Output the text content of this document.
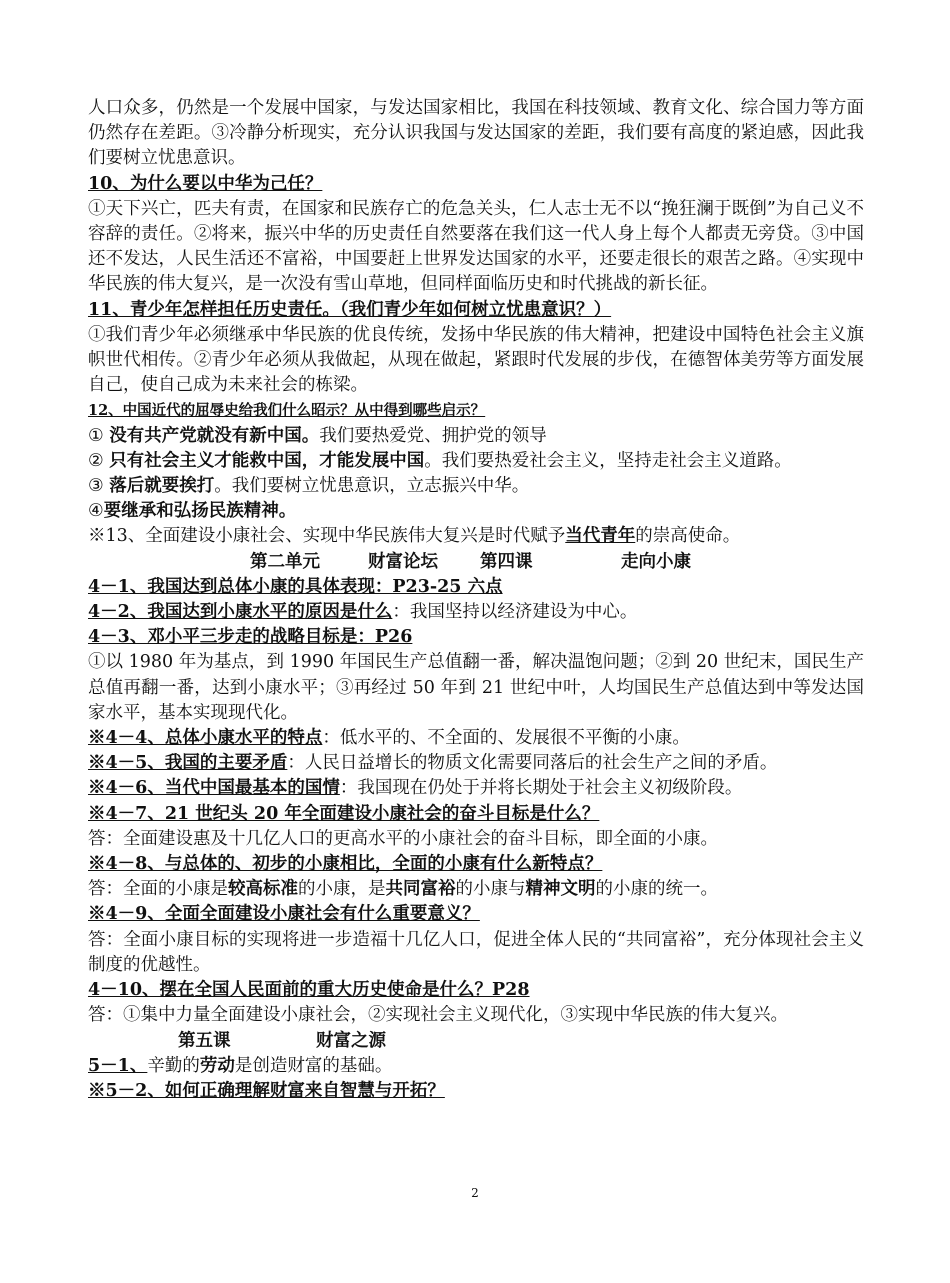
人口众多，仍然是一个发展中国家，与发达国家相比，我国在科技领域、教育文化、综合国力等方面仍然存在差距。③冷静分析现实，充分认识我国与发达国家的差距，我们要有高度的紧迫感，因此我们要树立忧患意识。

10、为什么要以中华为己任？

①天下兴亡，匹夫有责，在国家和民族存亡的危急关头，仁人志士无不以“挽狂澜于既倒”为自己义不容辞的责任。②将来，振兴中华的历史责任自然要落在我们这一代人身上每个人都责无旁贷。③中国还不发达，人民生活还不富裕，中国要赶上世界发达国家的水平，还要走很长的艰苦之路。④实现中华民族的伟大复兴，是一次没有雪山草地，但同样面临历史和时代挑战的新长征。

11、青少年怎样担任历史责任。（我们青少年如何树立忧患意识？）

①我们青少年必须继承中华民族的优良传统，发扬中华民族的伟大精神，把建设中国特色社会主义旗帜世代相传。②青少年必须从我做起，从现在做起，紧跟时代发展的步伐，在德智体美劳等方面发展自己，使自己成为未来社会的栋梁。

12、中国近代的屈辱史给我们什么昭示？从中得到哪些启示？

① 没有共产党就没有新中国。我们要热爱党、拥护党的领导

② 只有社会主义才能救中国，才能发展中国。我们要热爱社会主义，坚持走社会主义道路。

③ 落后就要挨打。我们要树立忧患意识，立志振兴中华。

④要继承和弘扬民族精神。

※13、全面建设小康社会、实现中华民族伟大复兴是时代赋予当代青年的崇高使命。

第二单元	财富论坛 第四课	走向小康

4－1、我国达到总体小康的具体表现：P23-25 六点

4－2、我国达到小康水平的原因是什么：我国坚持以经济建设为中心。

4－3、邓小平三步走的战略目标是：P26

①以 1980 年为基点，到 1990 年国民生产总值翻一番，解决温饱问题；②到 20 世纪末，国民生产总值再翻一番，达到小康水平；③再经过 50 年到 21 世纪中叶，人均国民生产总值达到中等发达国家水平，基本实现现代化。

※4－4、总体小康水平的特点：低水平的、不全面的、发展很不平衡的小康。

※4－5、我国的主要矛盾：人民日益增长的物质文化需要同落后的社会生产之间的矛盾。

※4－6、当代中国最基本的国情：我国现在仍处于并将长期处于社会主义初级阶段。

※4－7、21 世纪头 20 年全面建设小康社会的奋斗目标是什么？

答：全面建设惠及十几亿人口的更高水平的小康社会的奋斗目标，即全面的小康。

※4－8、与总体的、初步的小康相比，全面的小康有什么新特点？

答：全面的小康是较高标准的小康，是共同富裕的小康与精神文明的小康的统一。

※4－9、全面全面建设小康社会有什么重要意义？

答：全面小康目标的实现将进一步造福十几亿人口，促进全体人民的“共同富裕”，充分体现社会主义制度的优越性。

4－10、摆在全国人民面前的重大历史使命是什么？P28

答：①集中力量全面建设小康社会，②实现社会主义现代化，③实现中华民族的伟大复兴。

第五课	财富之源

5－1、辛勤的劳动是创造财富的基础。

※5－2、如何正确理解财富来自智慧与开拓？

2
